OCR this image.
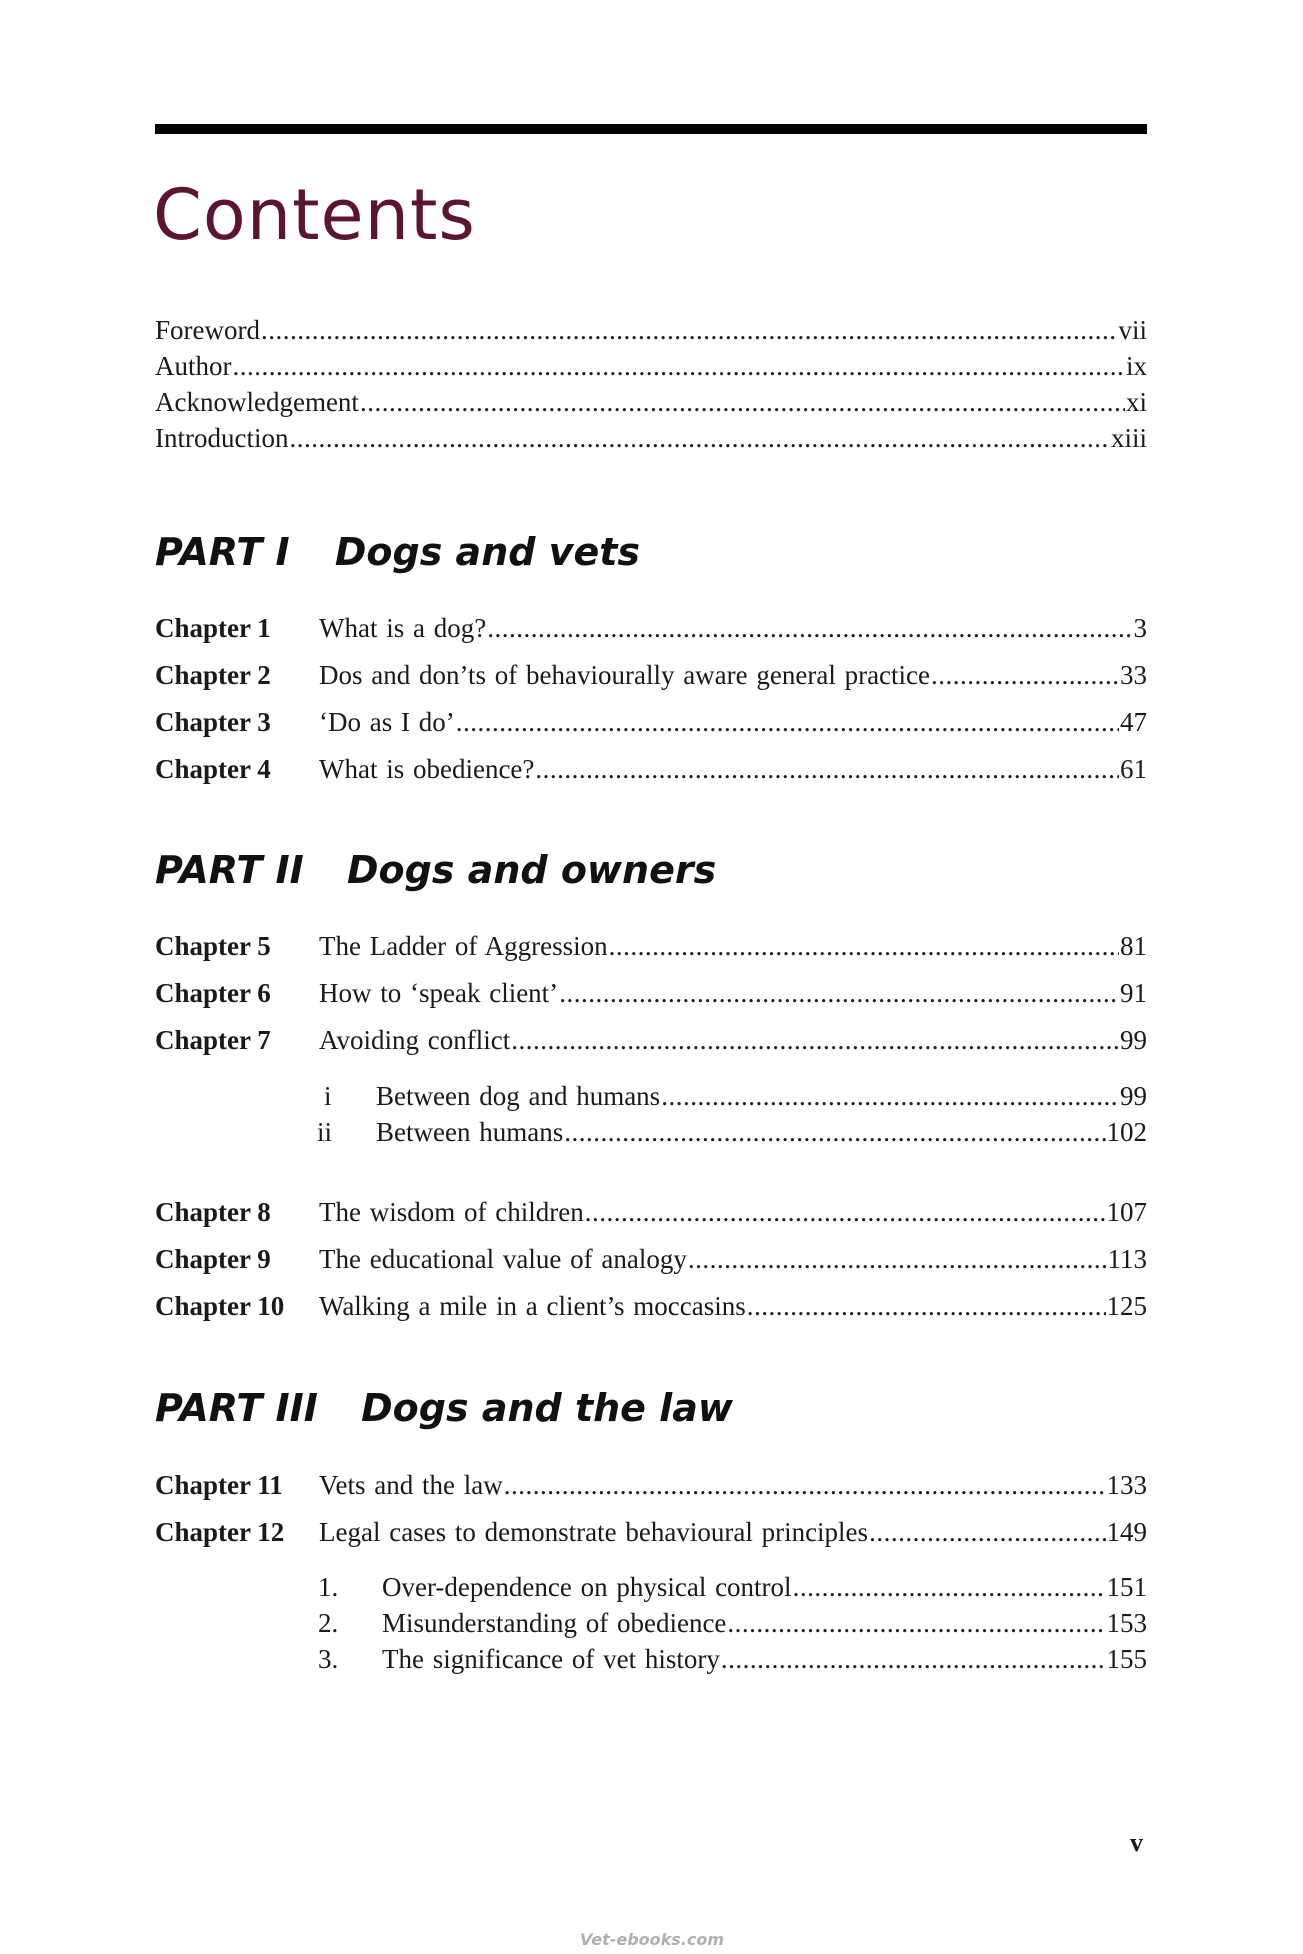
Contents
Foreword .....	vii
Author .....	ix
Acknowledgement .....	xi
Introduction .....	xiii
PART I Dogs and vets
Chapter 1	What is a dog? .....	3
Chapter 2	Dos and don’ts of behaviourally aware general practice .....	33
Chapter 3	‘Do as I do’ .....	47
Chapter 4	What is obedience? .....	61
PART II Dogs and owners
Chapter 5	The Ladder of Aggression .....	81
Chapter 6	How to ‘speak client’ .....	91
Chapter 7	Avoiding conflict .....	99
i	Between dog and humans .....	99
ii	Between humans .....	102
Chapter 8	The wisdom of children .....	107
Chapter 9	The educational value of analogy .....	113
Chapter 10	Walking a mile in a client’s moccasins .....	125
PART III Dogs and the law
Chapter 11	Vets and the law .....	133
Chapter 12	Legal cases to demonstrate behavioural principles .....	149
1.	Over-dependence on physical control .....	151
2.	Misunderstanding of obedience .....	153
3.	The significance of vet history .....	155
v
Vet-ebooks.com
